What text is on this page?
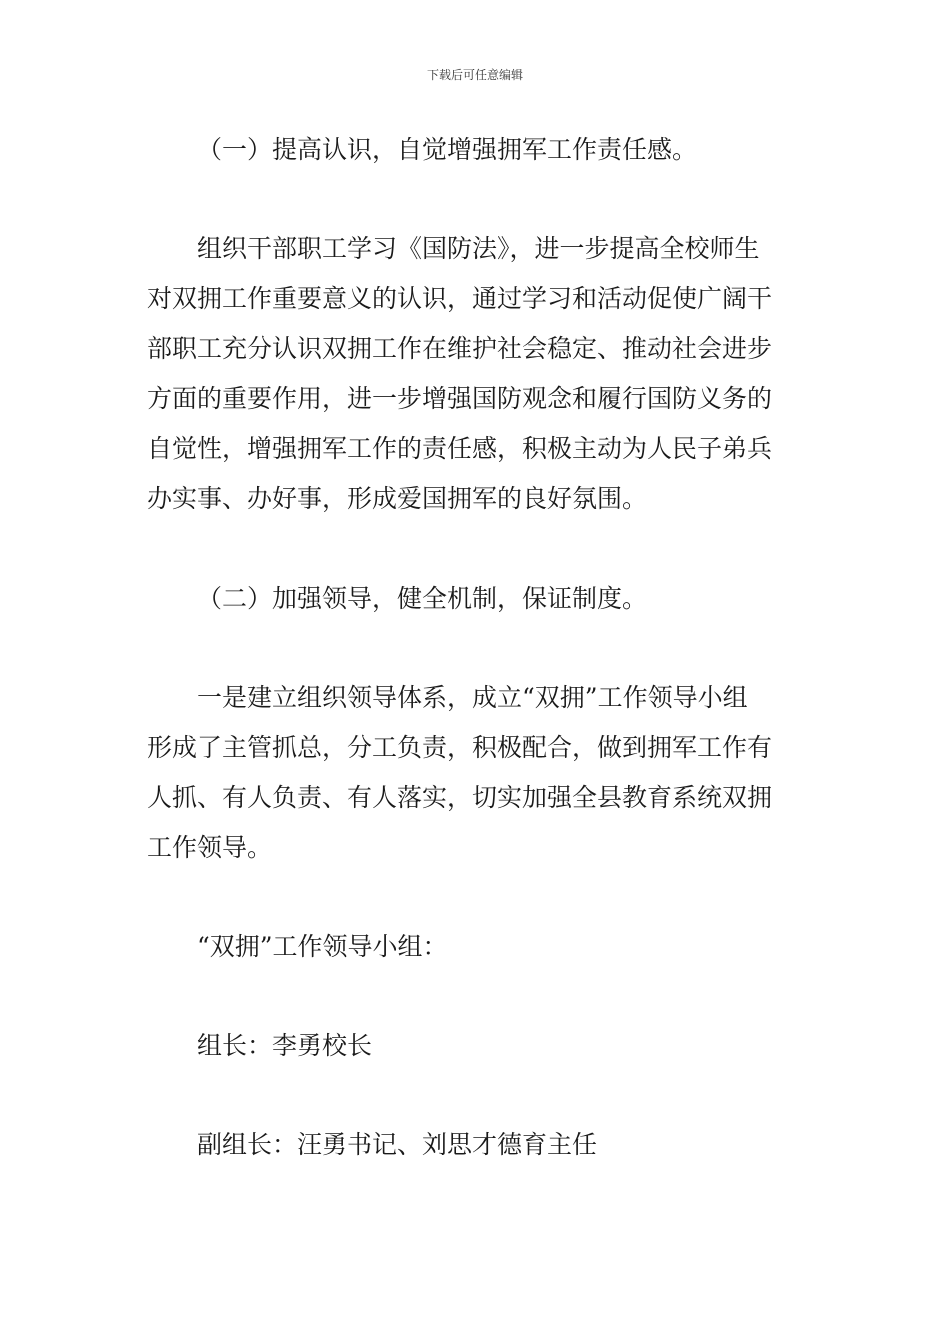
下载后可任意编辑
（一）提高认识，自觉增强拥军工作责任感。
组织干部职工学习《国防法》，进一步提高全校师生
对双拥工作重要意义的认识，通过学习和活动促使广阔干
部职工充分认识双拥工作在维护社会稳定、推动社会进步
方面的重要作用，进一步增强国防观念和履行国防义务的
自觉性，增强拥军工作的责任感，积极主动为人民子弟兵
办实事、办好事，形成爱国拥军的良好氛围。
（二）加强领导，健全机制，保证制度。
一是建立组织领导体系，成立“双拥”工作领导小组
形成了主管抓总，分工负责，积极配合，做到拥军工作有
人抓、有人负责、有人落实，切实加强全县教育系统双拥
工作领导。
“双拥”工作领导小组：
组长：李勇校长
副组长：汪勇书记、刘思才德育主任
